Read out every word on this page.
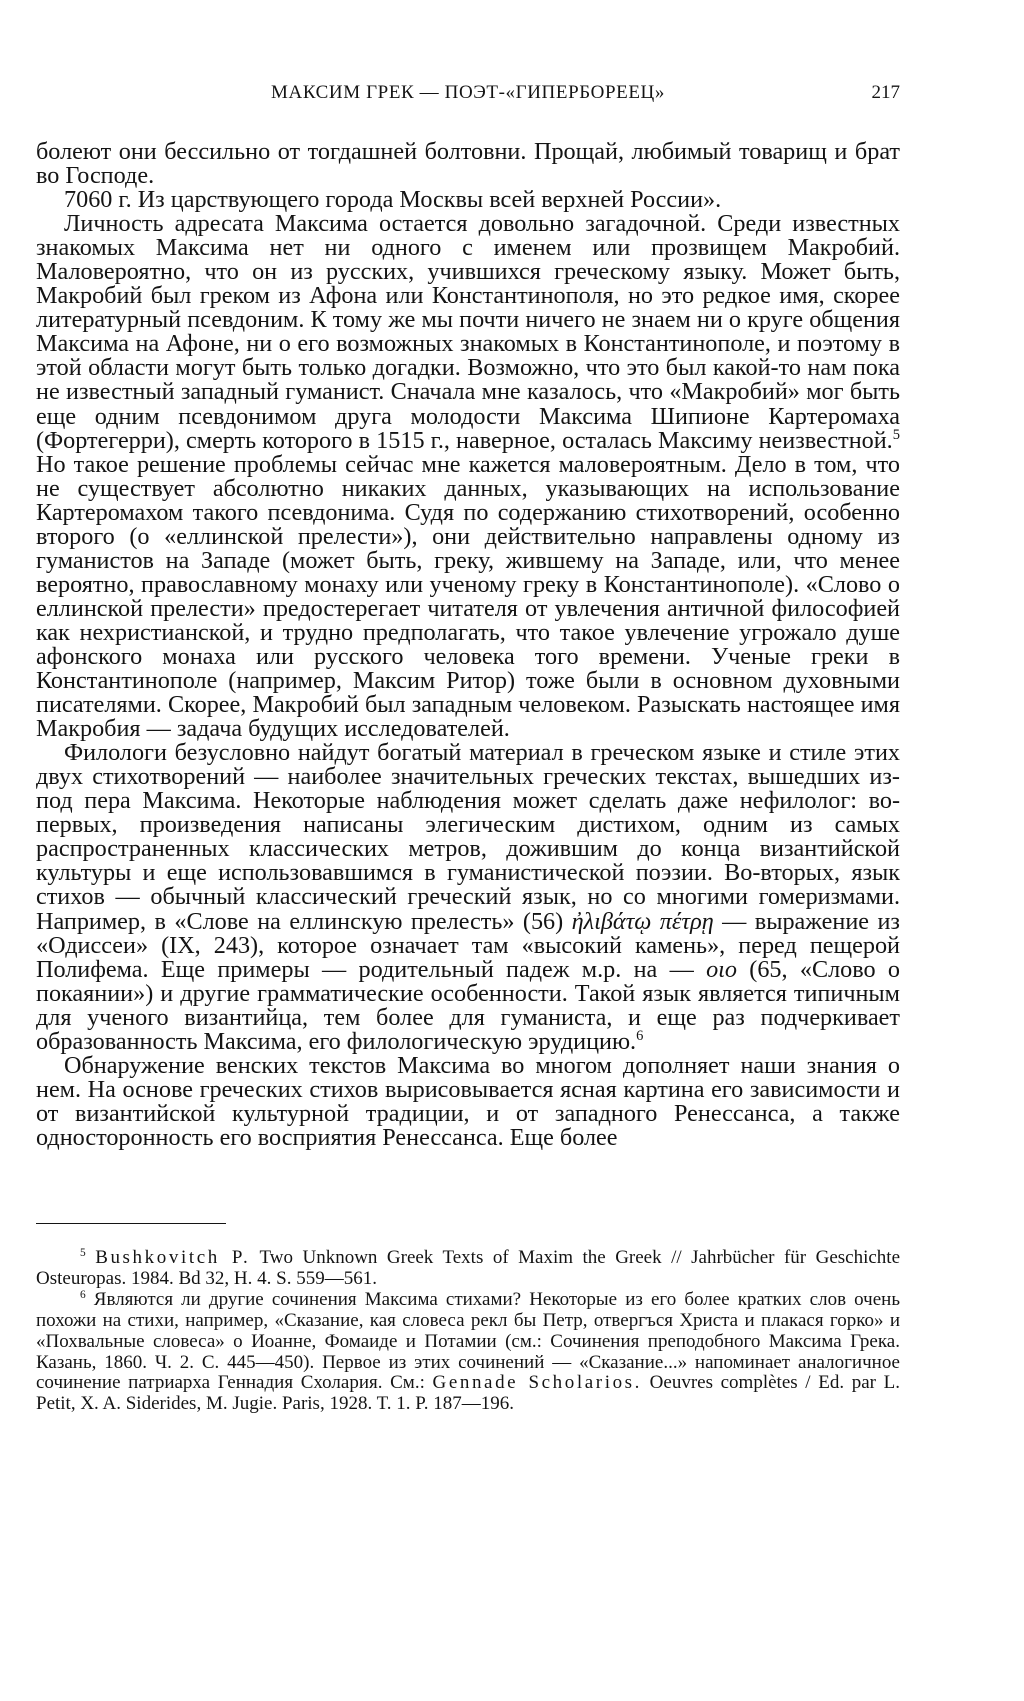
МАКСИМ ГРЕК — ПОЭТ-«ГИПЕРБОРЕЕЦ»	217

болеют они бессильно от тогдашней болтовни. Прощай, любимый товарищ и брат во Господе.

7060 г. Из царствующего города Москвы всей верхней России».

Личность адресата Максима остается довольно загадочной. Среди известных знакомых Максима нет ни одного с именем или прозвищем Макробий. Маловероятно, что он из русских, учившихся греческому языку. Может быть, Макробий был греком из Афона или Константинополя, но это редкое имя, скорее литературный псевдоним. К тому же мы почти ничего не знаем ни о круге общения Максима на Афоне, ни о его возможных знакомых в Константинополе, и поэтому в этой области могут быть только догадки. Возможно, что это был какой-то нам пока не известный западный гуманист. Сначала мне казалось, что «Макробий» мог быть еще одним псевдонимом друга молодости Максима Шипионе Картеромаха (Фортегерри), смерть которого в 1515 г., наверное, осталась Максиму неизвестной.$^5$ Но такое решение проблемы сейчас мне кажется маловероятным. Дело в том, что не существует абсолютно никаких данных, указывающих на использование Картеромахом такого псевдонима. Судя по содержанию стихотворений, особенно второго (о «еллинской прелести»), они действительно направлены одному из гуманистов на Западе (может быть, греку, жившему на Западе, или, что менее вероятно, православному монаху или ученому греку в Константинополе). «Слово о еллинской прелести» предостерегает читателя от увлечения античной философией как нехристианской, и трудно предполагать, что такое увлечение угрожало душе афонского монаха или русского человека того времени. Ученые греки в Константинополе (например, Максим Ритор) тоже были в основном духовными писателями. Скорее, Макробий был западным человеком. Разыскать настоящее имя Макробия — задача будущих исследователей.

Филологи безусловно найдут богатый материал в греческом языке и стиле этих двух стихотворений — наиболее значительных греческих текстах, вышедших из-под пера Максима. Некоторые наблюдения может сделать даже нефилолог: во-первых, произведения написаны элегическим дистихом, одним из самых распространенных классических метров, дожившим до конца византийской культуры и еще использовавшимся в гуманистической поэзии. Во-вторых, язык стихов — обычный классический греческий язык, но со многими гомеризмами. Например, в «Слове на еллинскую прелесть» (56) ἠλιβάτῳ πέτρῃ — выражение из «Одиссеи» (IX, 243), которое означает там «высокий камень», перед пещерой Полифема. Еще примеры — родительный падеж м.р. на — οιο (65, «Слово о покаянии») и другие грамматические особенности. Такой язык является типичным для ученого византийца, тем более для гуманиста, и еще раз подчеркивает образованность Максима, его филологическую эрудицию.$^6$

Обнаружение венских текстов Максима во многом дополняет наши знания о нем. На основе греческих стихов вырисовывается ясная картина его зависимости и от византийской культурной традиции, и от западного Ренессанса, а также односторонность его восприятия Ренессанса. Еще более

$^5$ Bushkovitch P. Two Unknown Greek Texts of Maxim the Greek // Jahrbücher für Geschichte Osteuropas. 1984. Bd 32, H. 4. S. 559—561.

$^6$ Являются ли другие сочинения Максима стихами? Некоторые из его более кратких слов очень похожи на стихи, например, «Сказание, кая словеса рекл бы Петр, отвергъся Христа и плакася горко» и «Похвальные словеса» о Иоанне, Фомаиде и Потамии (см.: Сочинения преподобного Максима Грека. Казань, 1860. Ч. 2. С. 445—450). Первое из этих сочинений — «Сказание...» напоминает аналогичное сочинение патриарха Геннадия Схолария. См.: Gennade Scholarios. Oeuvres complètes / Ed. par L. Petit, X. A. Siderides, M. Jugie. Paris, 1928. T. 1. P. 187—196.
